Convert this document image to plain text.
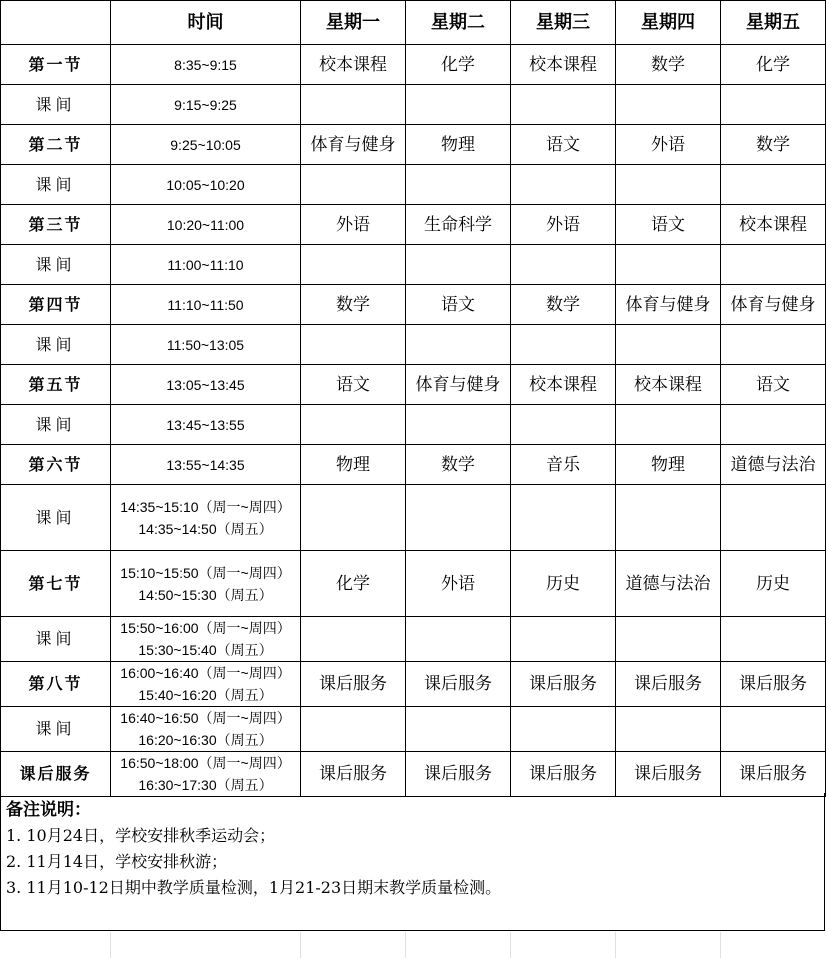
	时间	星期一	星期二	星期三	星期四	星期五
第一节	8:35~9:15	校本课程	化学	校本课程	数学	化学
课间	9:15~9:25					

第二节	9:25~10:05	体育与健身	物理	语文	外语	数学
课间	10:05~10:20					

第三节	10:20~11:00	外语	生命科学	外语	语文	校本课程
课间	11:00~11:10					

第四节	11:10~11:50	数学	语文	数学	体育与健身	体育与健身
课间	11:50~13:05					

第五节	13:05~13:45	语文	体育与健身	校本课程	校本课程	语文
课间	13:45~13:55					

第六节	13:55~14:35	物理	数学	音乐	物理	道德与法治
课间	14:35~15:10（周一~周四）
14:35~14:50（周五）					

第七节	15:10~15:50（周一~周四）
14:50~15:30（周五）	化学	外语	历史	道德与法治	历史
课间	15:50~16:00（周一~周四）
15:30~15:40（周五）					

第八节	16:00~16:40（周一~周四）
15:40~16:20（周五）	课后服务	课后服务	课后服务	课后服务	课后服务
课间	16:40~16:50（周一~周四）
16:20~16:30（周五）					

课后服务	16:50~18:00（周一~周四）
16:30~17:30（周五）	课后服务	课后服务	课后服务	课后服务	课后服务
备注说明：
1. 10月24日，学校安排秋季运动会；
2. 11月14日，学校安排秋游；
3. 11月10-12日期中教学质量检测，1月21-23日期末教学质量检测。
